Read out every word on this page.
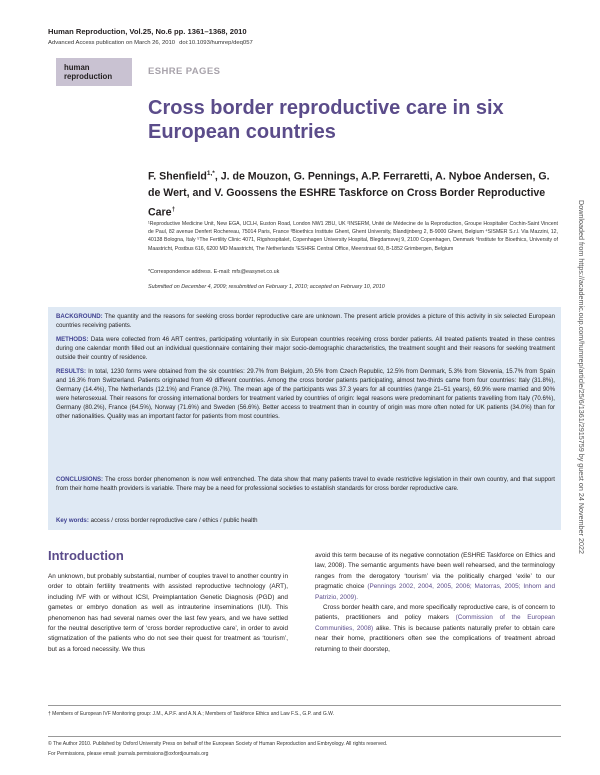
Human Reproduction, Vol.25, No.6 pp. 1361–1368, 2010
Advanced Access publication on March 26, 2010 doi:10.1093/humrep/deq057
human
reproduction	ESHRE PAGES
Cross border reproductive care in six European countries
F. Shenfield$^{1,*}$, J. de Mouzon, G. Pennings, A.P. Ferraretti, A. Nyboe Andersen, G. de Wert, and V. Goossens the ESHRE Taskforce on Cross Border Reproductive Care†
¹Reproductive Medicine Unit, New EGA, UCLH, Euston Road, London NW1 2BU, UK ²INSERM, Unité de Médecine de la Reproduction, Groupe Hospitalier Cochin-Saint Vincent de Paul, 82 avenue Denfert Rochereau, 75014 Paris, France ³Bioethics Institute Ghent, Ghent University, Blandijnberg 2, B-9000 Ghent, Belgium ⁴SISMER S.r.l. Via Mazzini, 12, 40138 Bologna, Italy ⁵The Fertility Clinic 4071, Rigshospitalet, Copenhagen University Hospital, Blegdamsvej 9, 2100 Copenhagen, Denmark ⁶Institute for Bioethics, University of Maastricht, Postbus 616, 6200 MD Maastricht, The Netherlands ⁷ESHRE Central Office, Meerstraat 60, B-1852 Grimbergen, Belgium
*Correspondence address. E-mail: mfs@easynet.co.uk
Submitted on December 4, 2009; resubmitted on February 1, 2010; accepted on February 10, 2010
BACKGROUND: The quantity and the reasons for seeking cross border reproductive care are unknown. The present article provides a picture of this activity in six selected European countries receiving patients.
METHODS: Data were collected from 46 ART centres, participating voluntarily in six European countries receiving cross border patients. All treated patients treated in these centres during one calendar month filled out an individual questionnaire containing their major socio-demographic characteristics, the treatment sought and their reasons for seeking treatment outside their country of residence.
RESULTS: In total, 1230 forms were obtained from the six countries: 29.7% from Belgium, 20.5% from Czech Republic, 12.5% from Denmark, 5.3% from Slovenia, 15.7% from Spain and 16.3% from Switzerland. Patients originated from 49 different countries. Among the cross border patients participating, almost two-thirds came from four countries: Italy (31.8%), Germany (14.4%), The Netherlands (12.1%) and France (8.7%). The mean age of the participants was 37.3 years for all countries (range 21–51 years), 69.9% were married and 90% were heterosexual. Their reasons for crossing international borders for treatment varied by countries of origin: legal reasons were predominant for patients travelling from Italy (70.6%), Germany (80.2%), France (64.5%), Norway (71.6%) and Sweden (56.6%). Better access to treatment than in country of origin was more often noted for UK patients (34.0%) than for other nationalities. Quality was an important factor for patients from most countries.
CONCLUSIONS: The cross border phenomenon is now well entrenched. The data show that many patients travel to evade restrictive legislation in their own country, and that support from their home health providers is variable. There may be a need for professional societies to establish standards for cross border reproductive care.
Key words: access / cross border reproductive care / ethics / public health
Introduction

An unknown, but probably substantial, number of couples travel to another country in order to obtain fertility treatments with assisted reproductive technology (ART), including IVF with or without ICSI, Preimplantation Genetic Diagnosis (PGD) and gametes or embryo donation as well as intrauterine inseminations (IUI). This phenomenon has had several names over the last few years, and we have settled for the neutral descriptive term of ‘cross border reproductive care’, in order to avoid stigmatization of the patients who do not see their quest for treatment as ‘tourism’, but as a forced necessity. We thus

avoid this term because of its negative connotation (ESHRE Taskforce on Ethics and law, 2008). The semantic arguments have been well rehearsed, and the terminology ranges from the derogatory ‘tourism’ via the politically charged ‘exile’ to our pragmatic choice (Pennings 2002, 2004, 2005, 2006; Matorras, 2005; Inhorn and Patrizio, 2009).

Cross border health care, and more specifically reproductive care, is of concern to patients, practitioners and policy makers (Commission of the European Communities, 2008) alike. This is because patients naturally prefer to obtain care near their home, practitioners often see the complications of treatment abroad returning to their doorstep,

† Members of European IVF Monitoring group: J.M., A.P.F. and A.N.A.; Members of Taskforce Ethics and Law F.S., G.P. and G.W.
© The Author 2010. Published by Oxford University Press on behalf of the European Society of Human Reproduction and Embryology. All rights reserved.
For Permissions, please email: journals.permissions@oxfordjournals.org
Downloaded from https://academic.oup.com/humrep/article/25/6/1361/2915759 by guest on 24 November 2022
